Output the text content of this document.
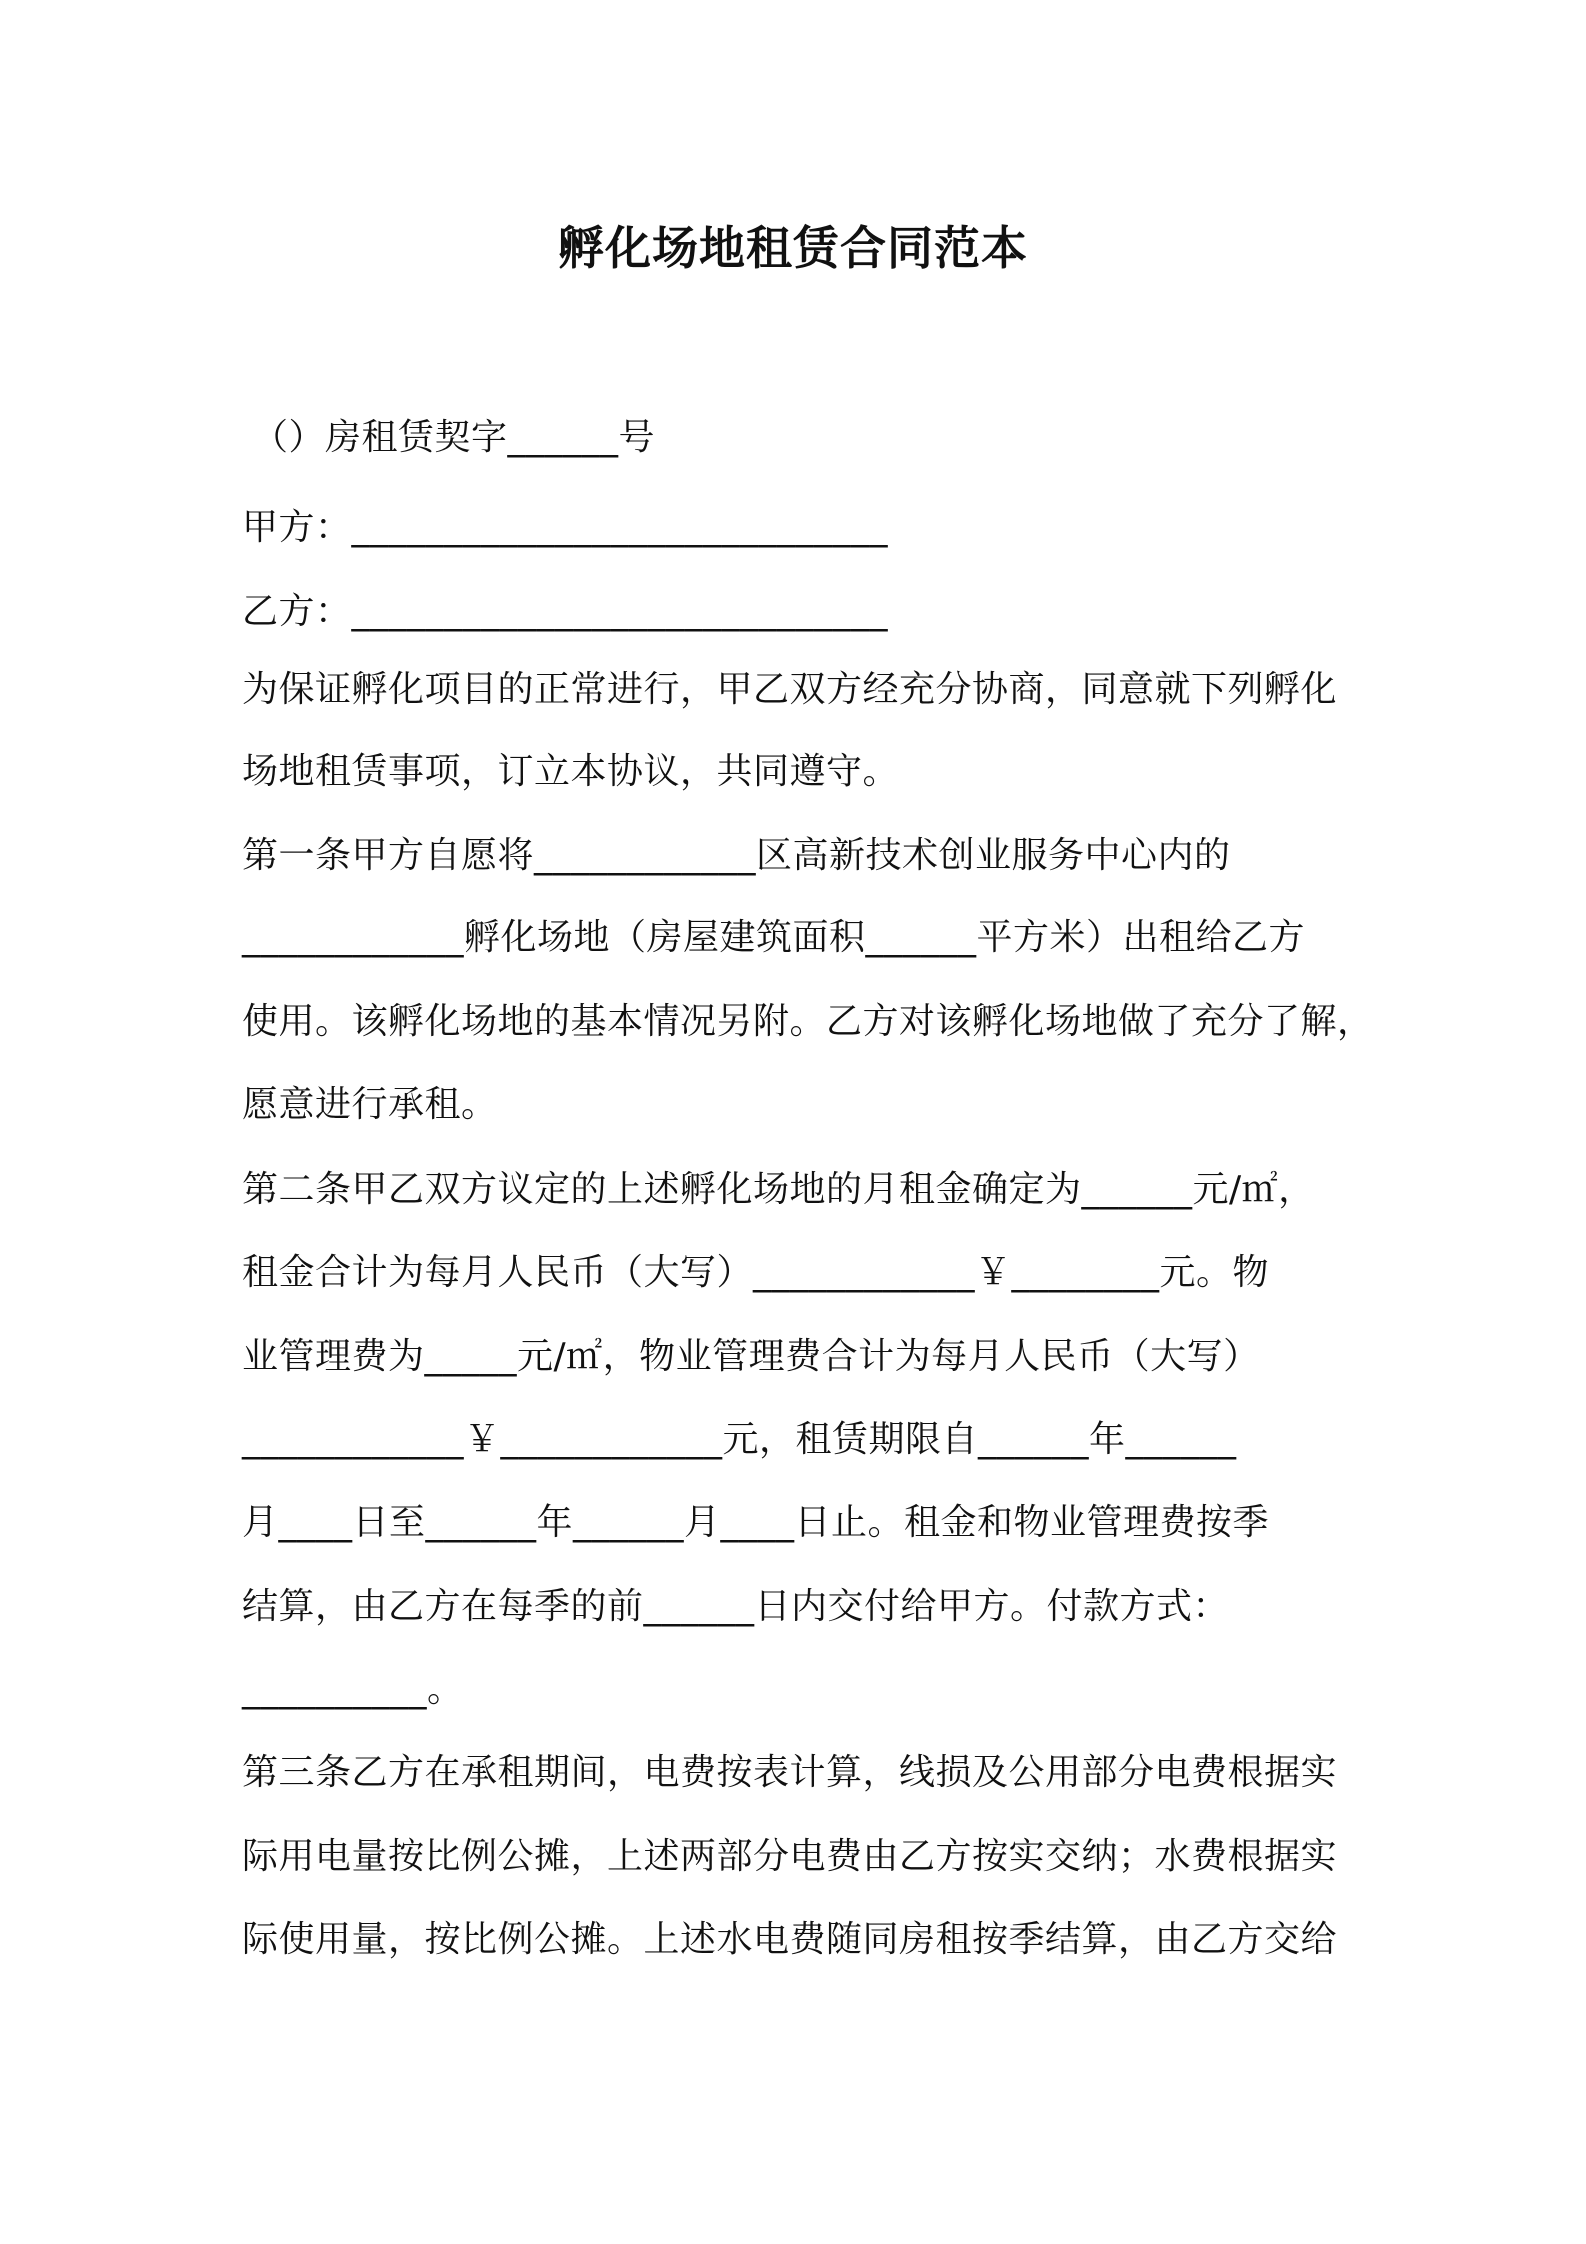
孵化场地租赁合同范本
（）房租赁契字______号
甲方：_____________________________
乙方：_____________________________
为保证孵化项目的正常进行，甲乙双方经充分协商，同意就下列孵化
场地租赁事项，订立本协议，共同遵守。
第一条甲方自愿将____________区高新技术创业服务中心内的
____________孵化场地（房屋建筑面积______平方米）出租给乙方
使用。该孵化场地的基本情况另附。乙方对该孵化场地做了充分了解，
愿意进行承租。
第二条甲乙双方议定的上述孵化场地的月租金确定为______元/㎡，
租金合计为每月人民币（大写）____________￥________元。物
业管理费为_____元/㎡，物业管理费合计为每月人民币（大写）
____________￥____________元，租赁期限自______年______
月____日至______年______月____日止。租金和物业管理费按季
结算，由乙方在每季的前______日内交付给甲方。付款方式：
__________。
第三条乙方在承租期间，电费按表计算，线损及公用部分电费根据实
际用电量按比例公摊，上述两部分电费由乙方按实交纳；水费根据实
际使用量，按比例公摊。上述水电费随同房租按季结算，由乙方交给
